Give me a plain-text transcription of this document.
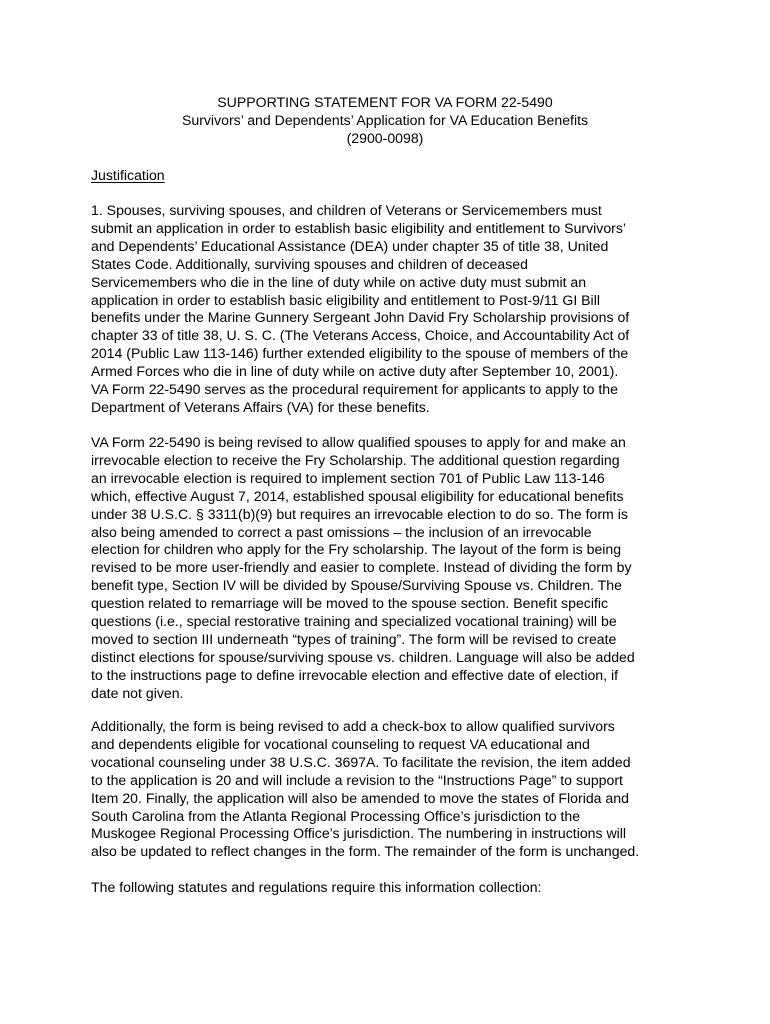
SUPPORTING STATEMENT FOR VA FORM 22-5490
Survivors’ and Dependents’ Application for VA Education Benefits
(2900-0098)
Justification
1. Spouses, surviving spouses, and children of Veterans or Servicemembers must
submit an application in order to establish basic eligibility and entitlement to Survivors’
and Dependents’ Educational Assistance (DEA) under chapter 35 of title 38, United
States Code. Additionally, surviving spouses and children of deceased
Servicemembers who die in the line of duty while on active duty must submit an
application in order to establish basic eligibility and entitlement to Post-9/11 GI Bill
benefits under the Marine Gunnery Sergeant John David Fry Scholarship provisions of
chapter 33 of title 38, U. S. C. (The Veterans Access, Choice, and Accountability Act of
2014 (Public Law 113-146) further extended eligibility to the spouse of members of the
Armed Forces who die in line of duty while on active duty after September 10, 2001).
VA Form 22-5490 serves as the procedural requirement for applicants to apply to the
Department of Veterans Affairs (VA) for these benefits.
VA Form 22-5490 is being revised to allow qualified spouses to apply for and make an
irrevocable election to receive the Fry Scholarship. The additional question regarding
an irrevocable election is required to implement section 701 of Public Law 113-146
which, effective August 7, 2014, established spousal eligibility for educational benefits
under 38 U.S.C. § 3311(b)(9) but requires an irrevocable election to do so. The form is
also being amended to correct a past omissions – the inclusion of an irrevocable
election for children who apply for the Fry scholarship. The layout of the form is being
revised to be more user-friendly and easier to complete. Instead of dividing the form by
benefit type, Section IV will be divided by Spouse/Surviving Spouse vs. Children. The
question related to remarriage will be moved to the spouse section. Benefit specific
questions (i.e., special restorative training and specialized vocational training) will be
moved to section III underneath “types of training”. The form will be revised to create
distinct elections for spouse/surviving spouse vs. children. Language will also be added
to the instructions page to define irrevocable election and effective date of election, if
date not given.
Additionally, the form is being revised to add a check-box to allow qualified survivors
and dependents eligible for vocational counseling to request VA educational and
vocational counseling under 38 U.S.C. 3697A. To facilitate the revision, the item added
to the application is 20 and will include a revision to the “Instructions Page” to support
Item 20. Finally, the application will also be amended to move the states of Florida and
South Carolina from the Atlanta Regional Processing Office’s jurisdiction to the
Muskogee Regional Processing Office’s jurisdiction. The numbering in instructions will
also be updated to reflect changes in the form. The remainder of the form is unchanged.
The following statutes and regulations require this information collection:
